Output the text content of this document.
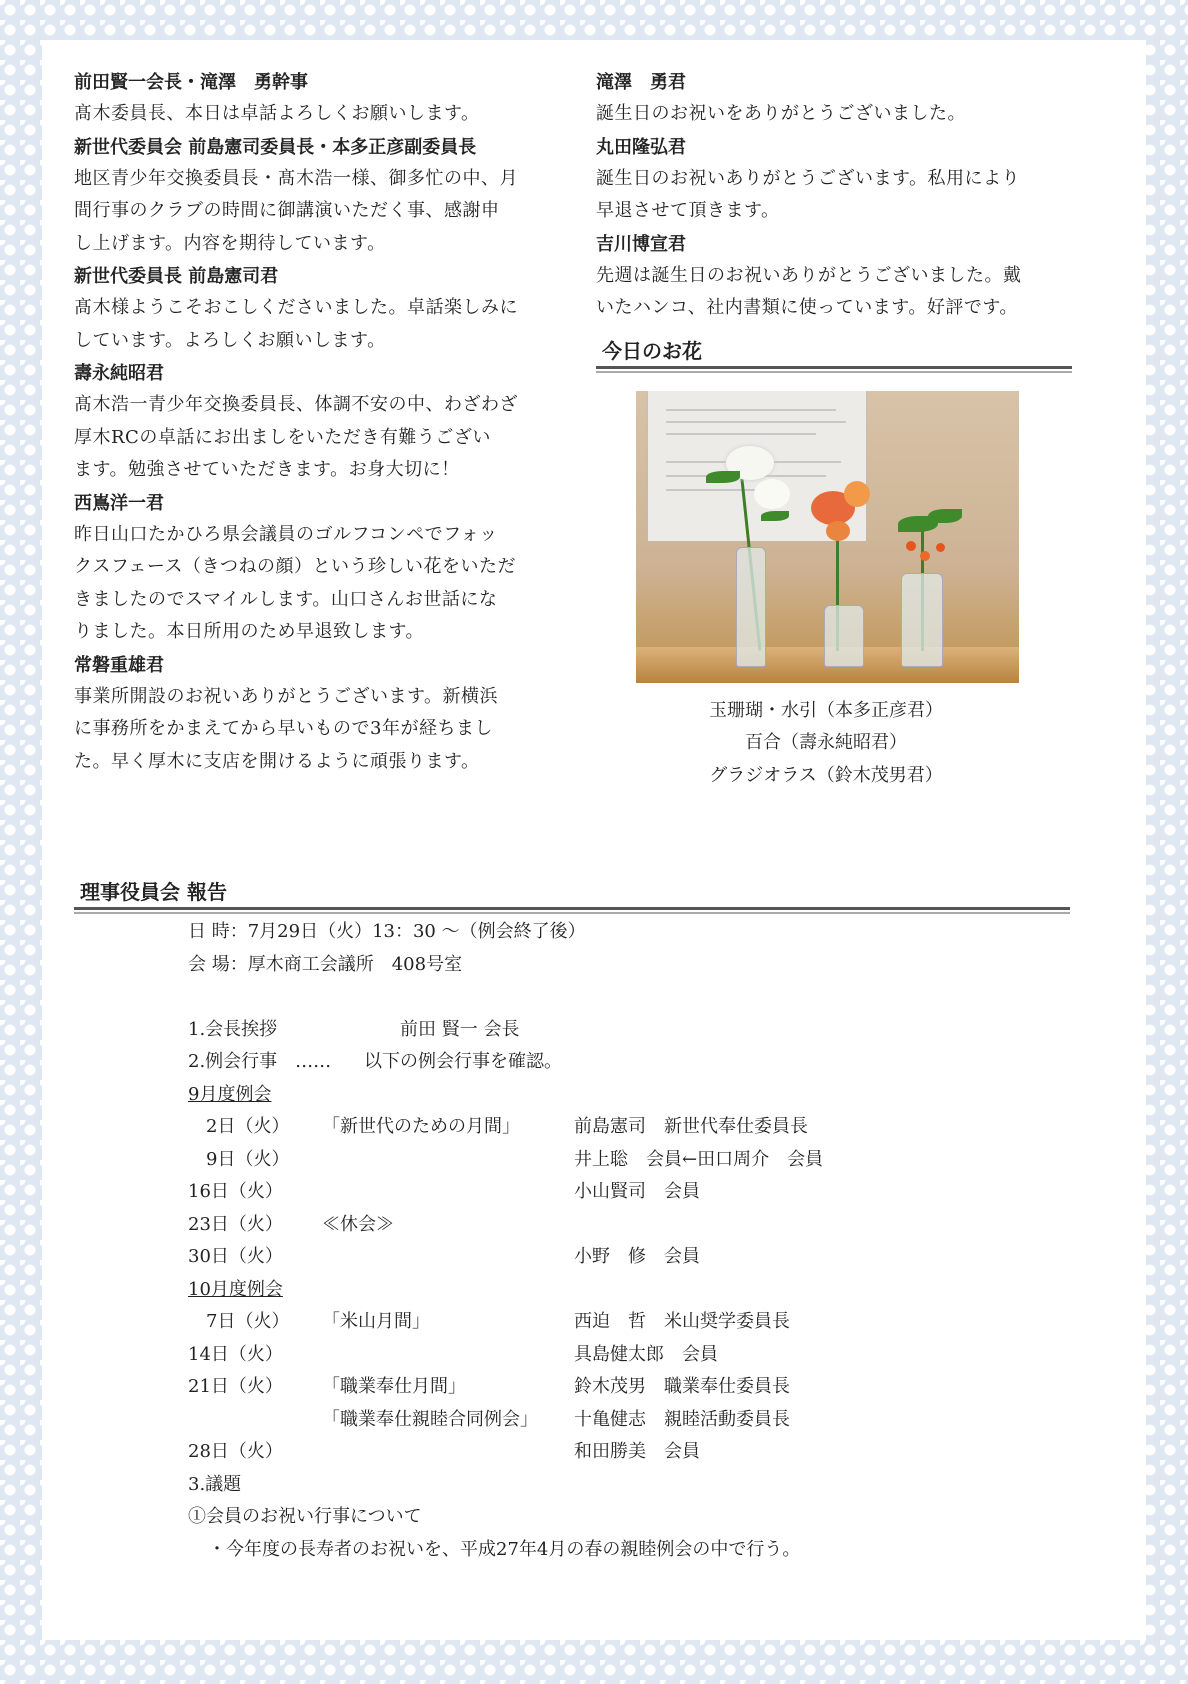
前田賢一会長・滝澤　勇幹事
髙木委員長、本日は卓話よろしくお願いします。
新世代委員会 前島憲司委員長・本多正彦副委員長
地区青少年交換委員長・髙木浩一様、御多忙の中、月
間行事のクラブの時間に御講演いただく事、感謝申
し上げます。内容を期待しています。
新世代委員長 前島憲司君
髙木様ようこそおこしくださいました。卓話楽しみに
しています。よろしくお願いします。
壽永純昭君
髙木浩一青少年交換委員長、体調不安の中、わざわざ
厚木RCの卓話にお出ましをいただき有難うござい
ます。勉強させていただきます。お身大切に！
西嶌洋一君
昨日山口たかひろ県会議員のゴルフコンペでフォッ
クスフェース（きつねの顔）という珍しい花をいただ
きましたのでスマイルします。山口さんお世話にな
りました。本日所用のため早退致します。
常磐重雄君
事業所開設のお祝いありがとうございます。新横浜
に事務所をかまえてから早いもので3年が経ちまし
た。早く厚木に支店を開けるように頑張ります。
滝澤　勇君
誕生日のお祝いをありがとうございました。
丸田隆弘君
誕生日のお祝いありがとうございます。私用により
早退させて頂きます。
吉川博宣君
先週は誕生日のお祝いありがとうございました。戴
いたハンコ、社内書類に使っています。好評です。
今日のお花
玉珊瑚・水引（本多正彦君）
百合（壽永純昭君）
グラジオラス（鈴木茂男君）
理事役員会 報告
日 時：7月29日（火）13：30 〜（例会終了後）
会 場：厚木商工会議所　408号室
1.会長挨拶	前田 賢一 会長
2.例会行事　…… 以下の例会行事を確認。
9月度例会
　2日（火） 「新世代のための月間」	前島憲司　新世代奉仕委員長
　9日（火）	井上聡　会員←田口周介　会員
16日（火）	小山賢司　会員
23日（火） ≪休会≫
30日（火）	小野　修　会員
10月度例会
　7日（火） 「米山月間」	西迫　哲　米山奨学委員長
14日（火）	具島健太郎　会員
21日（火） 「職業奉仕月間」	鈴木茂男　職業奉仕委員長
「職業奉仕親睦合同例会」 十亀健志　親睦活動委員長
28日（火）	和田勝美　会員
3.議題
①会員のお祝い行事について
・今年度の長寿者のお祝いを、平成27年4月の春の親睦例会の中で行う。
